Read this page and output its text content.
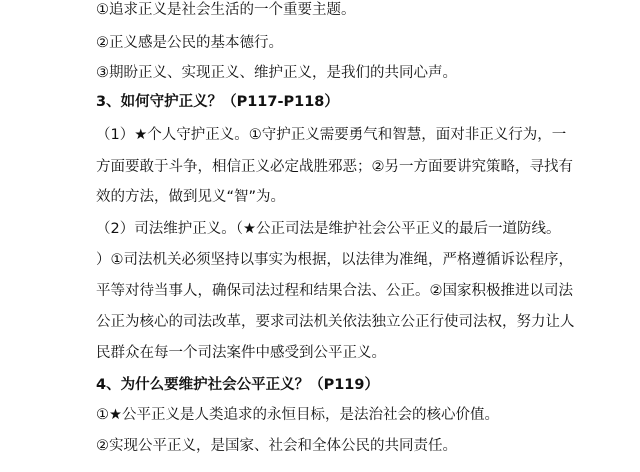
①追求正义是社会生活的一个重要主题。
②正义感是公民的基本德行。
③期盼正义、实现正义、维护正义，是我们的共同心声。
3、如何守护正义？（P117-P118）
（1）★个人守护正义。①守护正义需要勇气和智慧，面对非正义行为，一
方面要敢于斗争，相信正义必定战胜邪恶；②另一方面要讲究策略，寻找有
效的方法，做到见义“智”为。
（2）司法维护正义。（★公正司法是维护社会公平正义的最后一道防线。
）①司法机关必须坚持以事实为根据，以法律为准绳，严格遵循诉讼程序，
平等对待当事人，确保司法过程和结果合法、公正。②国家积极推进以司法
公正为核心的司法改革，要求司法机关依法独立公正行使司法权，努力让人
民群众在每一个司法案件中感受到公平正义。
4、为什么要维护社会公平正义？（P119）
①★公平正义是人类追求的永恒目标，是法治社会的核心价值。
②实现公平正义，是国家、社会和全体公民的共同责任。
